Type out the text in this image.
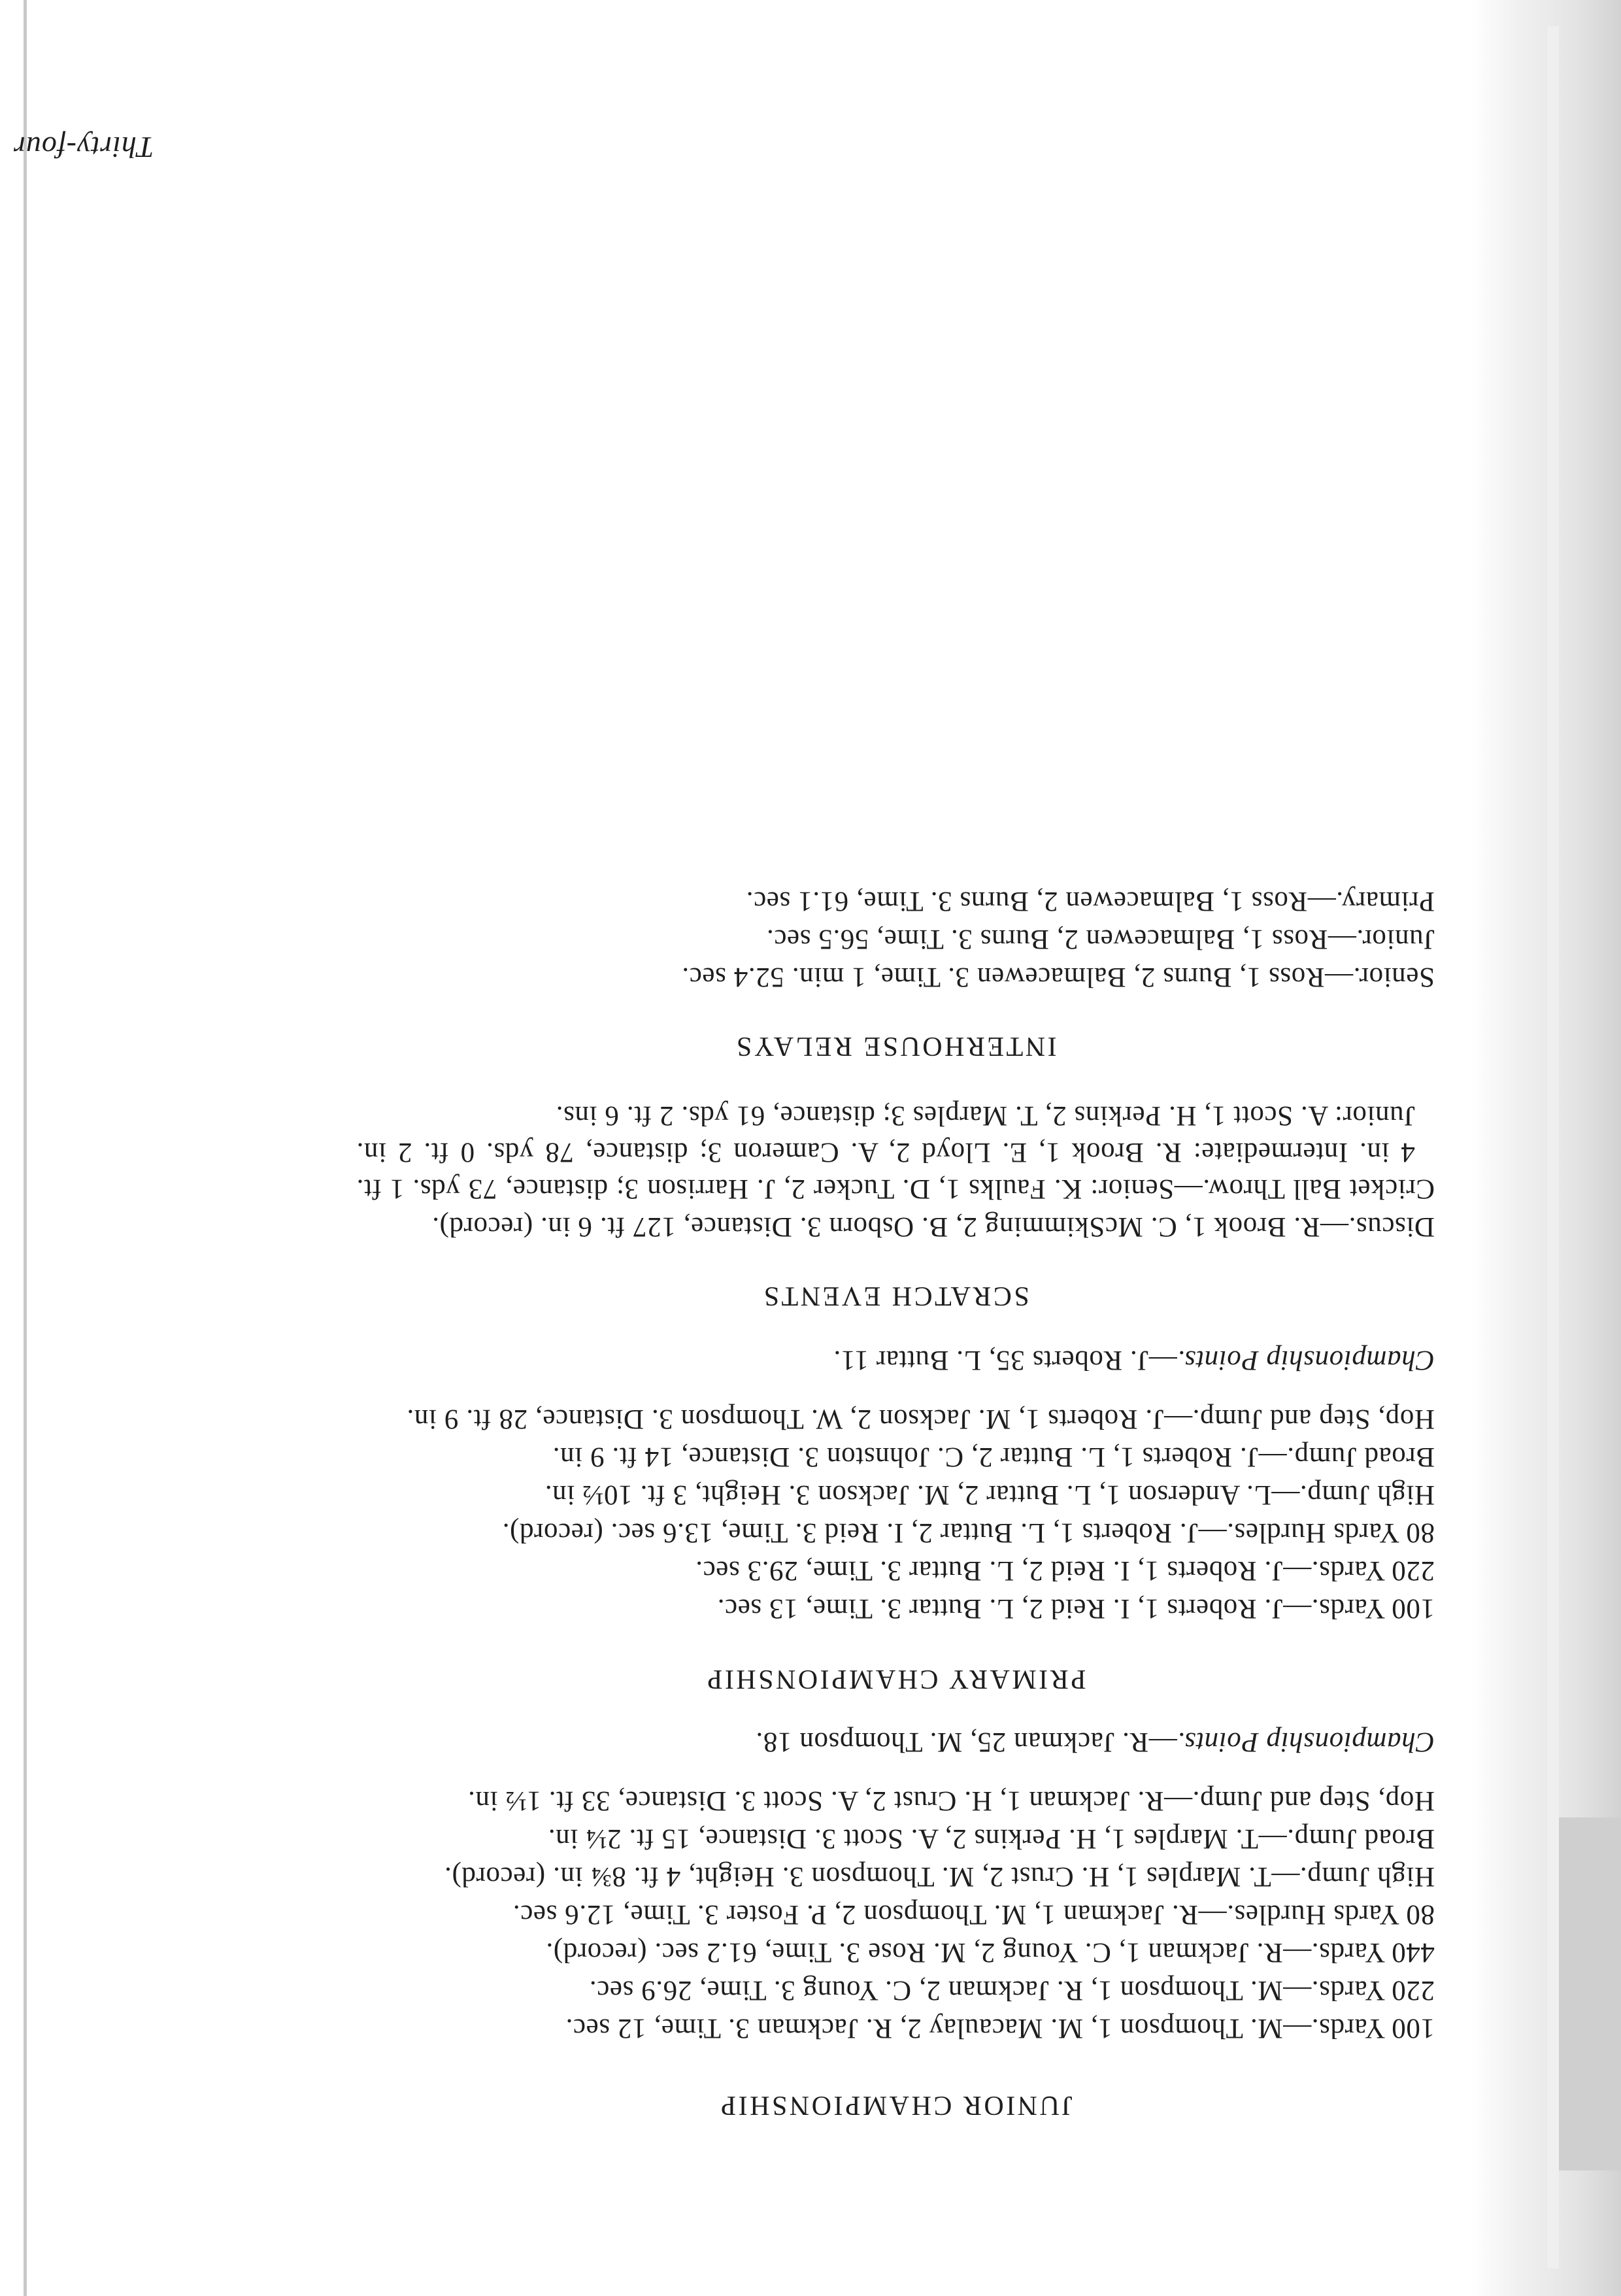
JUNIOR CHAMPIONSHIP

100 Yards.—M. Thompson 1, M. Macaulay 2, R. Jackman 3. Time, 12 sec.

220 Yards.—M. Thompson 1, R. Jackman 2, C. Young 3. Time, 26.9 sec.

440 Yards.—R. Jackman 1, C. Young 2, M. Rose 3. Time, 61.2 sec. (record).

80 Yards Hurdles.—R. Jackman 1, M. Thompson 2, P. Foster 3. Time, 12.6 sec.

High Jump.—T. Marples 1, H. Crust 2, M. Thompson 3. Height, 4 ft. 8¾ in. (record).

Broad Jump.—T. Marples 1, H. Perkins 2, A. Scott 3. Distance, 15 ft. 2¼ in.

Hop, Step and Jump.—R. Jackman 1, H. Crust 2, A. Scott 3. Distance, 33 ft. 1½ in.

Championship Points.—R. Jackman 25, M. Thompson 18.

PRIMARY CHAMPIONSHIP

100 Yards.—J. Roberts 1, I. Reid 2, L. Buttar 3. Time, 13 sec.

220 Yards.—J. Roberts 1, I. Reid 2, L. Buttar 3. Time, 29.3 sec.

80 Yards Hurdles.—J. Roberts 1, L. Buttar 2, I. Reid 3. Time, 13.6 sec. (record).

High Jump.—L. Anderson 1, L. Buttar 2, M. Jackson 3. Height, 3 ft. 10½ in.

Broad Jump.—J. Roberts 1, L. Buttar 2, C. Johnston 3. Distance, 14 ft. 9 in.

Hop, Step and Jump.—J. Roberts 1, M. Jackson 2, W. Thompson 3. Distance, 28 ft. 9 in.

Championship Points.—J. Roberts 35, L. Buttar 11.

SCRATCH EVENTS

Discus.—R. Brook 1, C. McSkimming 2, B. Osborn 3. Distance, 127 ft. 6 in. (record).

Cricket Ball Throw.—Senior: K. Faulks 1, D. Tucker 2, J. Harrison 3; distance, 73 yds. 1 ft. 4 in. Intermediate: R. Brook 1, E. Lloyd 2, A. Cameron 3; distance, 78 yds. 0 ft. 2 in. Junior: A. Scott 1, H. Perkins 2, T. Marples 3; distance, 61 yds. 2 ft. 6 ins.

INTERHOUSE RELAYS

Senior.—Ross 1, Burns 2, Balmacewen 3. Time, 1 min. 52.4 sec.

Junior.—Ross 1, Balmacewen 2, Burns 3. Time, 56.5 sec.

Primary.—Ross 1, Balmacewen 2, Burns 3. Time, 61.1 sec.

Thirty-four
